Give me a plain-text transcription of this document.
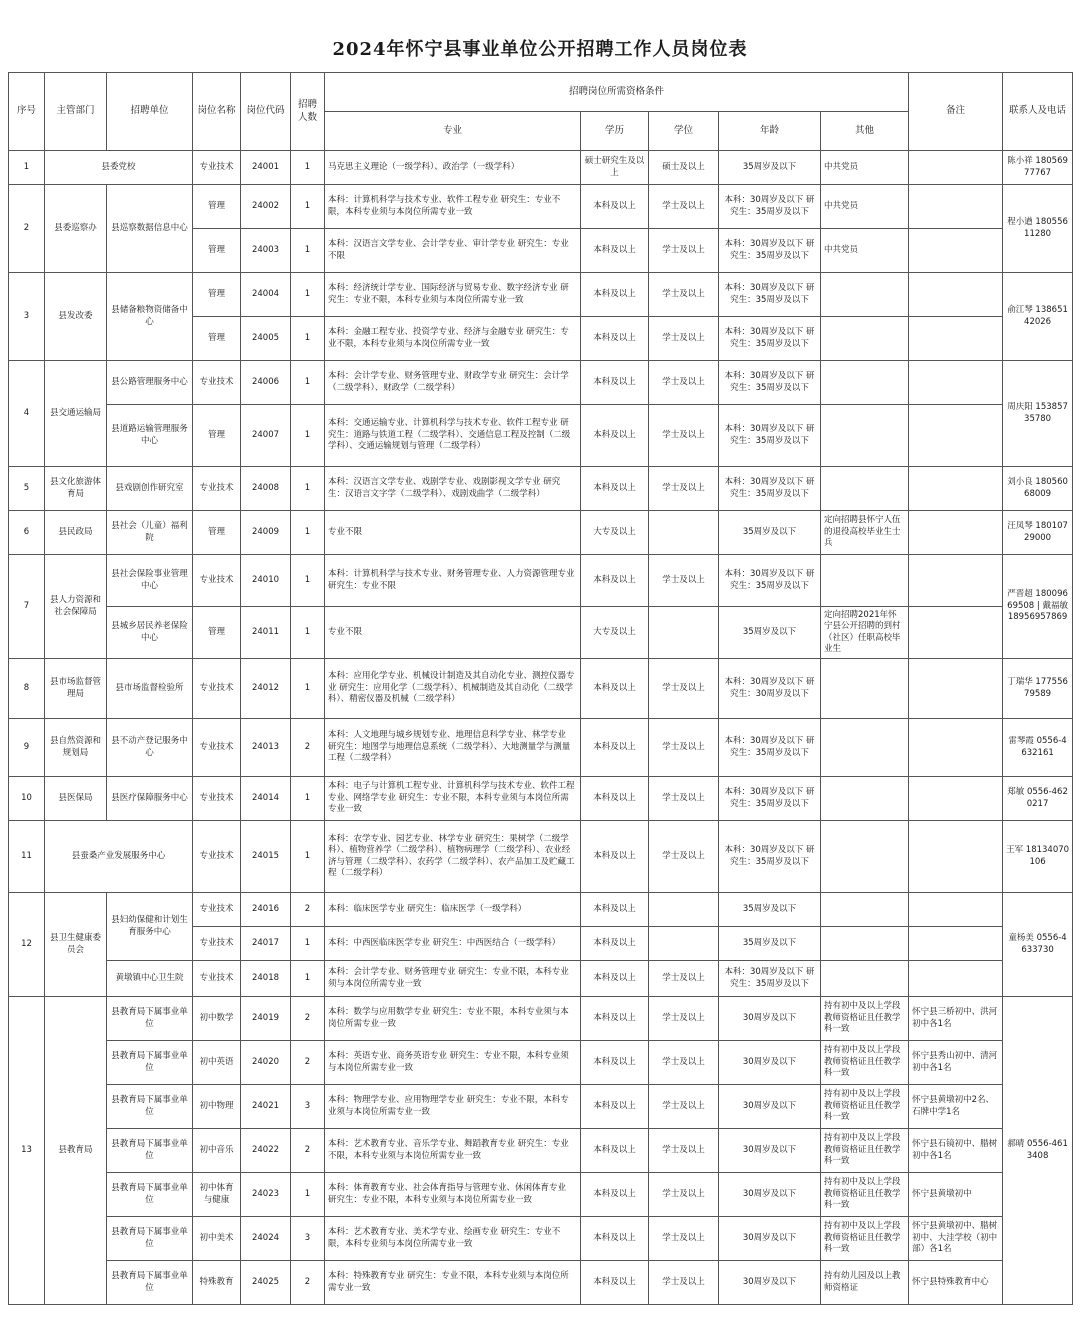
2024年怀宁县事业单位公开招聘工作人员岗位表
序号	主管部门	招聘单位	岗位名称	岗位代码	招聘人数	招聘岗位所需资格条件					备注	联系人及电话
						专业	学历	学位	年龄	其他		
1	县委党校		专业技术	24001	1	马克思主义理论（一级学科）、政治学（一级学科）	硕士研究生及以上	硕士及以上	35周岁及以下	中共党员		陈小祥 18056977767
2	县委巡察办	县巡察数据信息中心	管理	24002	1	本科：计算机科学与技术专业、软件工程专业 研究生：专业不限，本科专业须与本岗位所需专业一致	本科及以上	学士及以上	本科：30周岁及以下 研究生：35周岁及以下	中共党员		程小遒 18055611280
			管理	24003	1	本科：汉语言文学专业、会计学专业、审计学专业 研究生：专业不限	本科及以上	学士及以上	本科：30周岁及以下 研究生：35周岁及以下	中共党员		
3	县发改委	县储备粮物资储备中心	管理	24004	1	本科：经济统计学专业、国际经济与贸易专业、数字经济专业 研究生：专业不限，本科专业须与本岗位所需专业一致	本科及以上	学士及以上	本科：30周岁及以下 研究生：35周岁及以下			俞江琴 13865142026
			管理	24005	1	本科：金融工程专业、投资学专业、经济与金融专业 研究生：专业不限，本科专业须与本岗位所需专业一致	本科及以上	学士及以上	本科：30周岁及以下 研究生：35周岁及以下			
4	县交通运输局	县公路管理服务中心	专业技术	24006	1	本科：会计学专业、财务管理专业、财政学专业 研究生：会计学（二级学科）、财政学（二级学科）	本科及以上	学士及以上	本科：30周岁及以下 研究生：35周岁及以下			周庆阳 15385735780
		县道路运输管理服务中心	管理	24007	1	本科：交通运输专业、计算机科学与技术专业、软件工程专业 研究生：道路与铁道工程（二级学科）、交通信息工程及控制（二级学科）、交通运输规划与管理（二级学科）	本科及以上	学士及以上	本科：30周岁及以下 研究生：35周岁及以下			
5	县文化旅游体育局	县戏剧创作研究室	专业技术	24008	1	本科：汉语言文学专业、戏剧学专业、戏剧影视文学专业 研究生：汉语言文字学（二级学科）、戏剧戏曲学（二级学科）	本科及以上	学士及以上	本科：30周岁及以下 研究生：35周岁及以下			刘小良 18056068009
6	县民政局	县社会（儿童）福利院	管理	24009	1	专业不限	大专及以上		35周岁及以下	定向招聘县怀宁人伍的退役高校毕业生士兵		汪凤琴 18010729000
7	县人力资源和社会保障局	县社会保险事业管理中心	专业技术	24010	1	本科：计算机科学与技术专业、财务管理专业、人力资源管理专业 研究生：专业不限	本科及以上	学士及以上	本科：30周岁及以下 研究生：35周岁及以下			严晋超 18009669508 | 戴福敏 18956957869
		县城乡居民养老保险中心	管理	24011	1	专业不限	大专及以上		35周岁及以下	定向招聘2021年怀宁县公开招聘的到村（社区）任职高校毕业生		
8	县市场监督管理局	县市场监督检验所	专业技术	24012	1	本科：应用化学专业、机械设计制造及其自动化专业、测控仪器专业 研究生：应用化学（二级学科）、机械制造及其自动化（二级学科）、精密仪器及机械（二级学科）	本科及以上	学士及以上	本科：30周岁及以下 研究生：30周岁及以下			丁瑞华 17755679589
9	县自然资源和规划局	县不动产登记服务中心	专业技术	24013	2	本科：人文地理与城乡规划专业、地理信息科学专业、林学专业 研究生：地图学与地理信息系统（二级学科）、大地测量学与测量工程（二级学科）	本科及以上	学士及以上	本科：30周岁及以下 研究生：35周岁及以下			雷琴霞 0556-4632161
10	县医保局	县医疗保障服务中心	专业技术	24014	1	本科：电子与计算机工程专业、计算机科学与技术专业、软件工程专业、网络学专业 研究生：专业不限，本科专业须与本岗位所需专业一致	本科及以上	学士及以上	本科：30周岁及以下 研究生：35周岁及以下			郑敏 0556-4620217
11	县蚕桑产业发展服务中心		专业技术	24015	1	本科：农学专业、园艺专业、林学专业 研究生：果树学（二级学科）、植物营养学（二级学科）、植物病理学（二级学科）、农业经济与管理（二级学科）、农药学（二级学科）、农产品加工及贮藏工程（二级学科）	本科及以上	学士及以上	本科：30周岁及以下 研究生：35周岁及以下			王军 18134070106
12	县卫生健康委员会	县妇幼保健和计划生育服务中心	专业技术	24016	2	本科：临床医学专业 研究生：临床医学（一级学科）	本科及以上		35周岁及以下			童杨美 0556-4633730
			专业技术	24017	1	本科：中西医临床医学专业 研究生：中西医结合（一级学科）	本科及以上		35周岁及以下			
		黄墩镇中心卫生院	专业技术	24018	1	本科：会计学专业、财务管理专业 研究生：专业不限，本科专业须与本岗位所需专业一致	本科及以上	学士及以上	本科：30周岁及以下 研究生：35周岁及以下			
13	县教育局	县教育局下属事业单位	初中数学	24019	2	本科：数学与应用数学专业 研究生：专业不限，本科专业须与本岗位所需专业一致	本科及以上	学士及以上	30周岁及以下	持有初中及以上学段教师资格证且任教学科一致	怀宁县三桥初中、洪河初中各1名	郝晴 0556-4613408
		县教育局下属事业单位	初中英语	24020	2	本科：英语专业、商务英语专业 研究生：专业不限，本科专业须与本岗位所需专业一致	本科及以上	学士及以上	30周岁及以下	持有初中及以上学段教师资格证且任教学科一致	怀宁县秀山初中、清河初中各1名	
		县教育局下属事业单位	初中物理	24021	3	本科：物理学专业、应用物理学专业 研究生：专业不限，本科专业须与本岗位所需专业一致	本科及以上	学士及以上	30周岁及以下	持有初中及以上学段教师资格证且任教学科一致	怀宁县黄墩初中2名、石牌中学1名	
		县教育局下属事业单位	初中音乐	24022	2	本科：艺术教育专业、音乐学专业、舞蹈教育专业 研究生：专业不限，本科专业须与本岗位所需专业一致	本科及以上	学士及以上	30周岁及以下	持有初中及以上学段教师资格证且任教学科一致	怀宁县石镜初中、腊树初中各1名	
		县教育局下属事业单位	初中体育与健康	24023	1	本科：体育教育专业、社会体育指导与管理专业、休闲体育专业 研究生：专业不限，本科专业须与本岗位所需专业一致	本科及以上	学士及以上	30周岁及以下	持有初中及以上学段教师资格证且任教学科一致	怀宁县黄墩初中	
		县教育局下属事业单位	初中美术	24024	3	本科：艺术教育专业、美术学专业、绘画专业 研究生：专业不限，本科专业须与本岗位所需专业一致	本科及以上	学士及以上	30周岁及以下	持有初中及以上学段教师资格证且任教学科一致	怀宁县黄墩初中、腊树初中、大洼学校（初中部）各1名	
		县教育局下属事业单位	特殊教育	24025	2	本科：特殊教育专业 研究生：专业不限，本科专业须与本岗位所需专业一致	本科及以上	学士及以上	30周岁及以下	持有幼儿园及以上教师资格证	怀宁县特殊教育中心	
